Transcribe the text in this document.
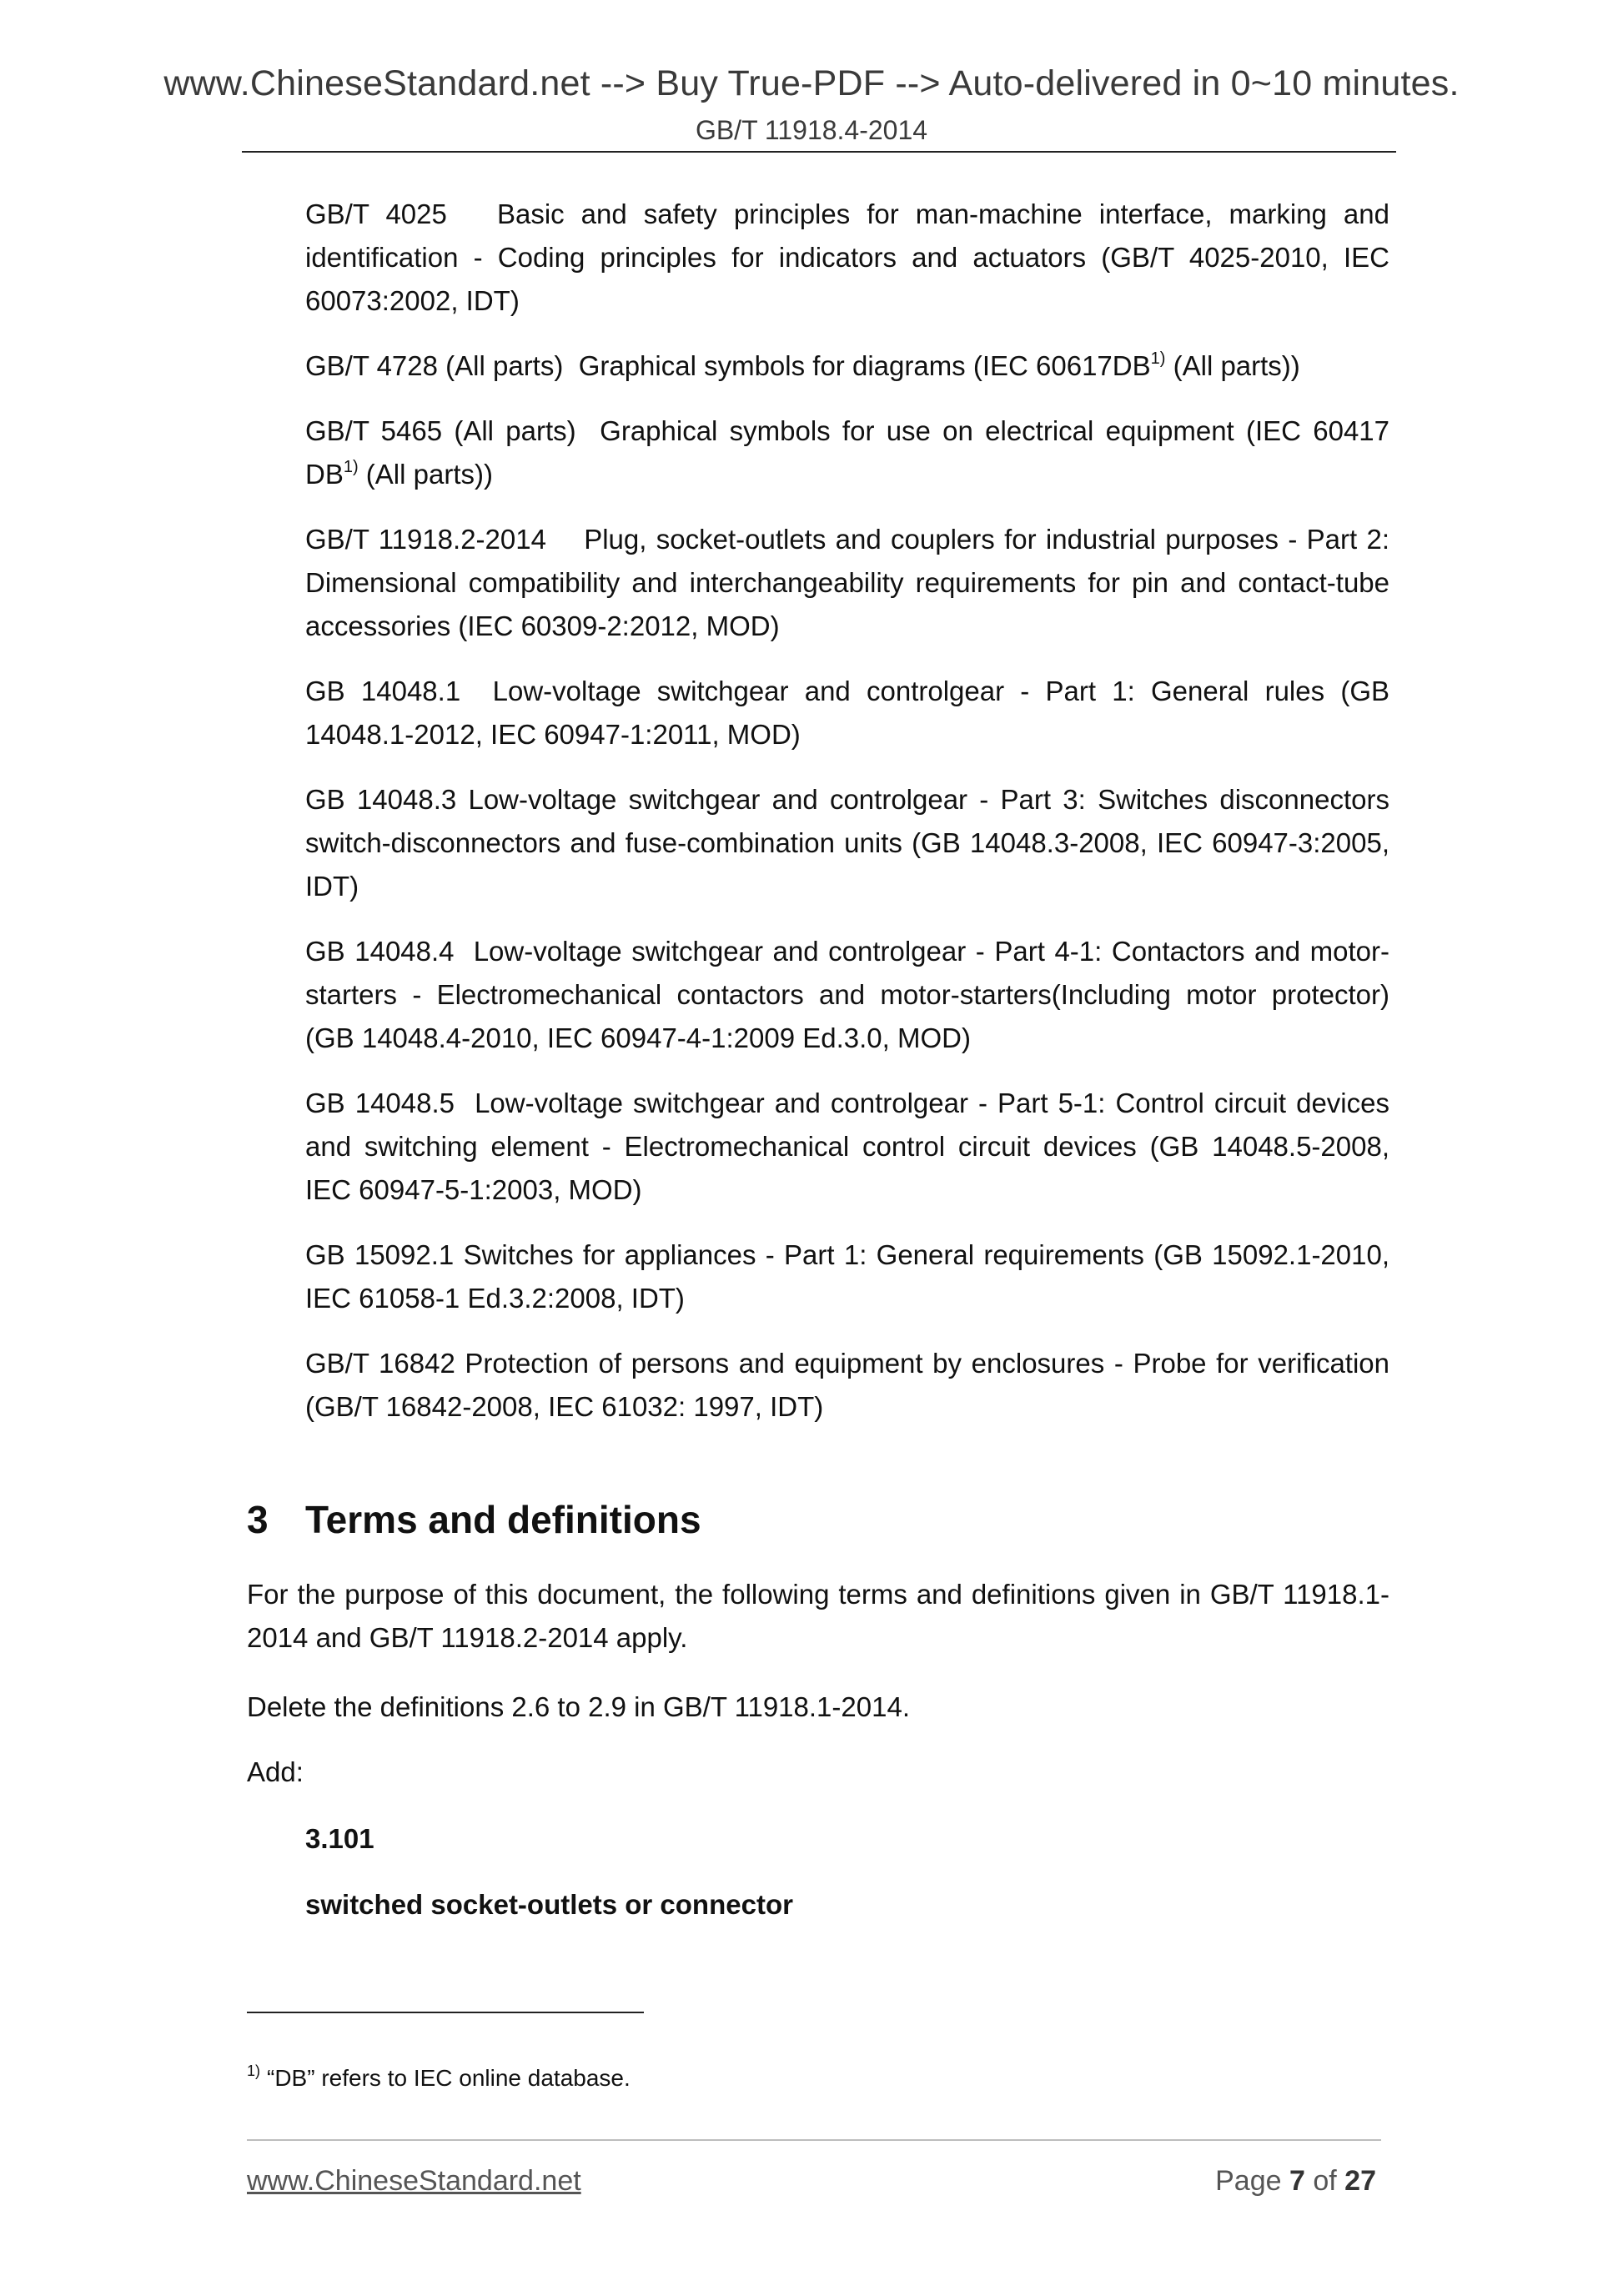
www.ChineseStandard.net --> Buy True-PDF --> Auto-delivered in 0~10 minutes.
GB/T 11918.4-2014

GB/T 4025 Basic and safety principles for man-machine interface, marking and identification - Coding principles for indicators and actuators (GB/T 4025-2010, IEC 60073:2002, IDT)

GB/T 4728 (All parts) Graphical symbols for diagrams (IEC 60617DB$^{1)}$ (All parts))

GB/T 5465 (All parts) Graphical symbols for use on electrical equipment (IEC 60417 DB$^{1)}$ (All parts))

GB/T 11918.2-2014 Plug, socket-outlets and couplers for industrial purposes - Part 2: Dimensional compatibility and interchangeability requirements for pin and contact-tube accessories (IEC 60309-2:2012, MOD)

GB 14048.1 Low-voltage switchgear and controlgear - Part 1: General rules (GB 14048.1-2012, IEC 60947-1:2011, MOD)

GB 14048.3 Low-voltage switchgear and controlgear - Part 3: Switches disconnectors switch-disconnectors and fuse-combination units (GB 14048.3-2008, IEC 60947-3:2005, IDT)

GB 14048.4 Low-voltage switchgear and controlgear - Part 4-1: Contactors and motor-starters - Electromechanical contactors and motor-starters(Including motor protector) (GB 14048.4-2010, IEC 60947-4-1:2009 Ed.3.0, MOD)

GB 14048.5 Low-voltage switchgear and controlgear - Part 5-1: Control circuit devices and switching element - Electromechanical control circuit devices (GB 14048.5-2008, IEC 60947-5-1:2003, MOD)

GB 15092.1 Switches for appliances - Part 1: General requirements (GB 15092.1-2010, IEC 61058-1 Ed.3.2:2008, IDT)

GB/T 16842 Protection of persons and equipment by enclosures - Probe for verification (GB/T 16842-2008, IEC 61032: 1997, IDT)

3 Terms and definitions
For the purpose of this document, the following terms and definitions given in GB/T 11918.1-2014 and GB/T 11918.2-2014 apply.
Delete the definitions 2.6 to 2.9 in GB/T 11918.1-2014.
Add:
3.101
switched socket-outlets or connector
$^{1)}$ “DB” refers to IEC online database.
www.ChineseStandard.net	Page 7 of 27
